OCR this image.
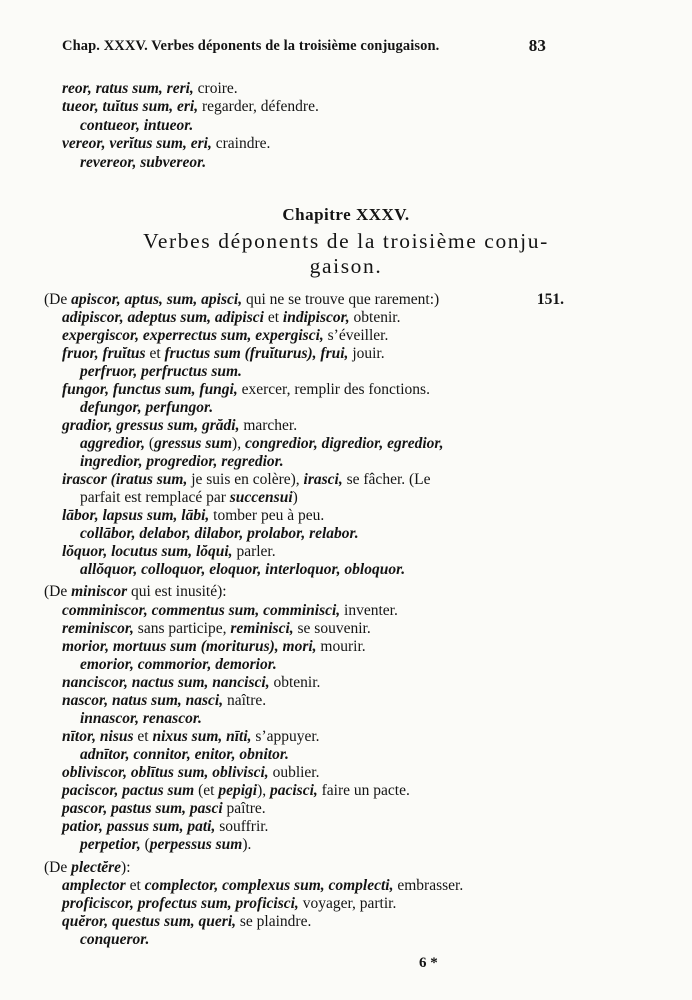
Chap. XXXV. Verbes déponents de la troisième conjugaison.	83
reor, ratus sum, reri, croire.
tueor, tuĭtus sum, eri, regarder, défendre.
contueor, intueor.
vereor, verĭtus sum, eri, craindre.
revereor, subvereor.
Chapitre XXXV.
Verbes déponents de la troisième conju-
gaison.
151.
(De apiscor, aptus, sum, apisci, qui ne se trouve que rarement:)
adipiscor, adeptus sum, adipisci et indipiscor, obtenir.
expergiscor, experrectus sum, expergisci, s’éveiller.
fruor, fruĭtus et fructus sum (fruĭturus), frui, jouir.
perfruor, perfructus sum.
fungor, functus sum, fungi, exercer, remplir des fonctions.
defungor, perfungor.
gradior, gressus sum, grădi, marcher.
aggredior, (gressus sum), congredior, digredior, egredior,
ingredior, progredior, regredior.
irascor (iratus sum, je suis en colère), irasci, se fâcher. (Le
parfait est remplacé par succensui)
lābor, lapsus sum, lābi, tomber peu à peu.
collābor, delabor, dilabor, prolabor, relabor.
lŏquor, locutus sum, lŏqui, parler.
allŏquor, colloquor, eloquor, interloquor, obloquor.
(De miniscor qui est inusité):
comminiscor, commentus sum, comminisci, inventer.
reminiscor, sans participe, reminisci, se souvenir.
morior, mortuus sum (moriturus), mori, mourir.
emorior, commorior, demorior.
nanciscor, nactus sum, nancisci, obtenir.
nascor, natus sum, nasci, naître.
innascor, renascor.
nītor, nisus et nixus sum, nīti, s’appuyer.
adnītor, connitor, enitor, obnitor.
obliviscor, oblītus sum, oblivisci, oublier.
paciscor, pactus sum (et pepigi), pacisci, faire un pacte.
pascor, pastus sum, pasci paître.
patior, passus sum, pati, souffrir.
perpetior, (perpessus sum).
(De plectĕre):
amplector et complector, complexus sum, complecti, embrasser.
proficiscor, profectus sum, proficisci, voyager, partir.
quĕror, questus sum, queri, se plaindre.
conqueror.
6 *
